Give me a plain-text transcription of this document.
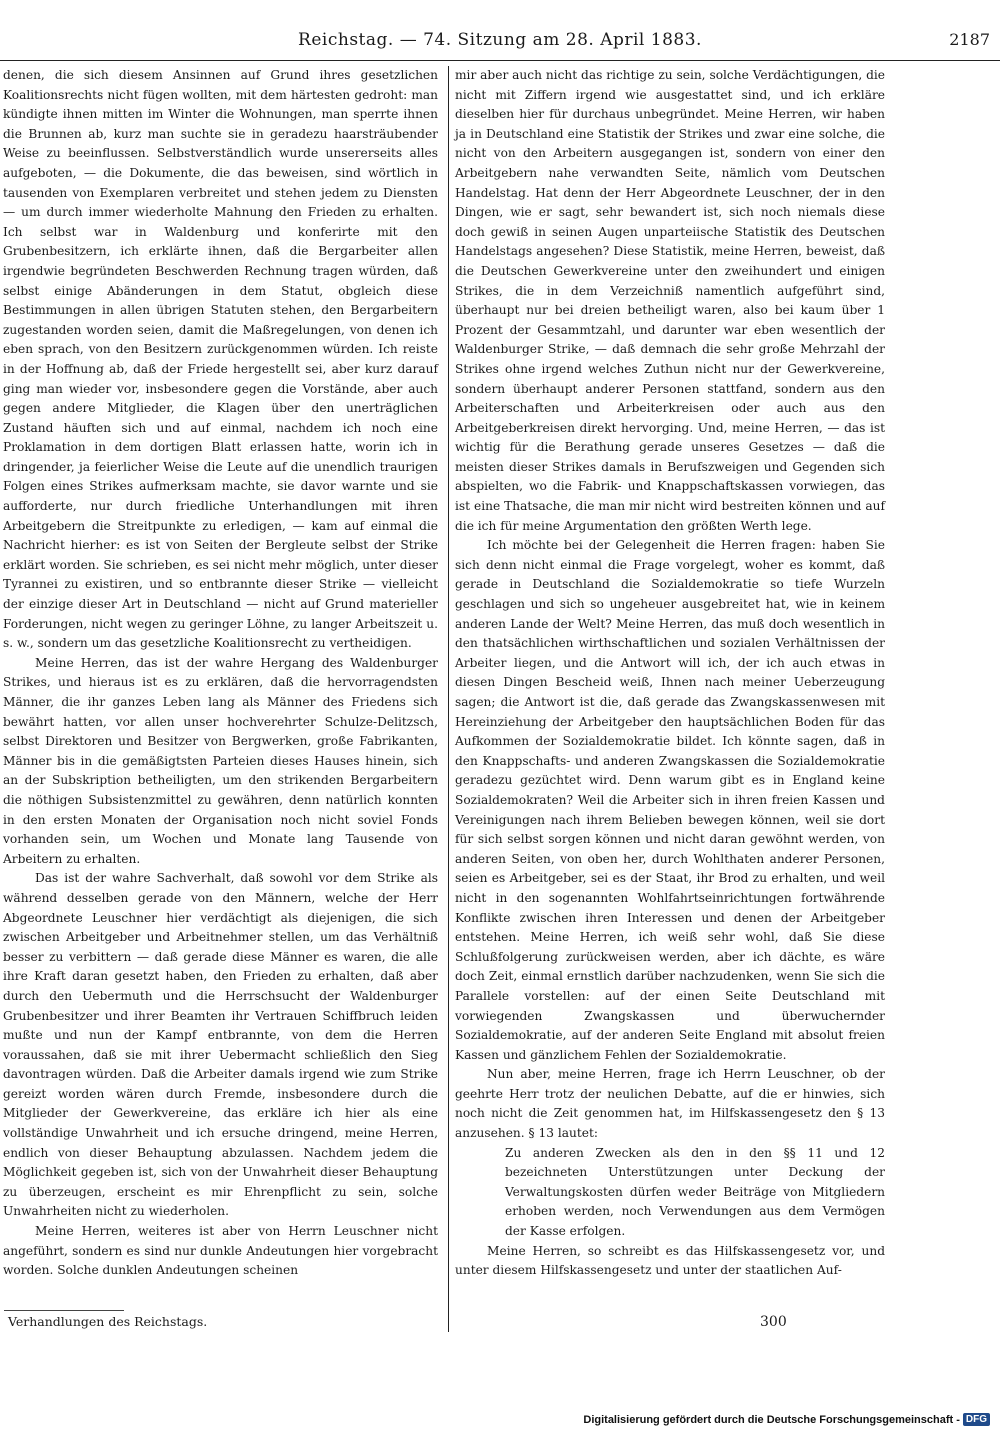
Reichstag. — 74. Sitzung am 28. April 1883.	2187

denen, die sich diesem Ansinnen auf Grund ihres gesetzlichen Koalitionsrechts nicht fügen wollten, mit dem härtesten gedroht: man kündigte ihnen mitten im Winter die Wohnungen, man sperrte ihnen die Brunnen ab, kurz man suchte sie in geradezu haarsträubender Weise zu beeinflussen. Selbstverständlich wurde unsererseits alles aufgeboten, — die Dokumente, die das beweisen, sind wörtlich in tausenden von Exemplaren verbreitet und stehen jedem zu Diensten — um durch immer wiederholte Mahnung den Frieden zu erhalten. Ich selbst war in Waldenburg und konferirte mit den Grubenbesitzern, ich erklärte ihnen, daß die Bergarbeiter allen irgendwie begründeten Beschwerden Rechnung tragen würden, daß selbst einige Abänderungen in dem Statut, obgleich diese Bestimmungen in allen übrigen Statuten stehen, den Bergarbeitern zugestanden worden seien, damit die Maßregelungen, von denen ich eben sprach, von den Besitzern zurückgenommen würden. Ich reiste in der Hoffnung ab, daß der Friede hergestellt sei, aber kurz darauf ging man wieder vor, insbesondere gegen die Vorstände, aber auch gegen andere Mitglieder, die Klagen über den unerträglichen Zustand häuften sich und auf einmal, nachdem ich noch eine Proklamation in dem dortigen Blatt erlassen hatte, worin ich in dringender, ja feierlicher Weise die Leute auf die unendlich traurigen Folgen eines Strikes aufmerksam machte, sie davor warnte und sie aufforderte, nur durch friedliche Unterhandlungen mit ihren Arbeitgebern die Streitpunkte zu erledigen, — kam auf einmal die Nachricht hierher: es ist von Seiten der Bergleute selbst der Strike erklärt worden. Sie schrieben, es sei nicht mehr möglich, unter dieser Tyrannei zu existiren, und so entbrannte dieser Strike — vielleicht der einzige dieser Art in Deutschland — nicht auf Grund materieller Forderungen, nicht wegen zu geringer Löhne, zu langer Arbeitszeit u. s. w., sondern um das gesetzliche Koalitionsrecht zu vertheidigen.

Meine Herren, das ist der wahre Hergang des Waldenburger Strikes, und hieraus ist es zu erklären, daß die hervorragendsten Männer, die ihr ganzes Leben lang als Männer des Friedens sich bewährt hatten, vor allen unser hochverehrter Schulze-Delitzsch, selbst Direktoren und Besitzer von Bergwerken, große Fabrikanten, Männer bis in die gemäßigtsten Parteien dieses Hauses hinein, sich an der Subskription betheiligten, um den strikenden Bergarbeitern die nöthigen Subsistenzmittel zu gewähren, denn natürlich konnten in den ersten Monaten der Organisation noch nicht soviel Fonds vorhanden sein, um Wochen und Monate lang Tausende von Arbeitern zu erhalten.

Das ist der wahre Sachverhalt, daß sowohl vor dem Strike als während desselben gerade von den Männern, welche der Herr Abgeordnete Leuschner hier verdächtigt als diejenigen, die sich zwischen Arbeitgeber und Arbeitnehmer stellen, um das Verhältniß besser zu verbittern — daß gerade diese Männer es waren, die alle ihre Kraft daran gesetzt haben, den Frieden zu erhalten, daß aber durch den Uebermuth und die Herrschsucht der Waldenburger Grubenbesitzer und ihrer Beamten ihr Vertrauen Schiffbruch leiden mußte und nun der Kampf entbrannte, von dem die Herren voraussahen, daß sie mit ihrer Uebermacht schließlich den Sieg davontragen würden. Daß die Arbeiter damals irgend wie zum Strike gereizt worden wären durch Fremde, insbesondere durch die Mitglieder der Gewerkvereine, das erkläre ich hier als eine vollständige Unwahrheit und ich ersuche dringend, meine Herren, endlich von dieser Behauptung abzulassen. Nachdem jedem die Möglichkeit gegeben ist, sich von der Unwahrheit dieser Behauptung zu überzeugen, erscheint es mir Ehrenpflicht zu sein, solche Unwahrheiten nicht zu wiederholen.

Meine Herren, weiteres ist aber von Herrn Leuschner nicht angeführt, sondern es sind nur dunkle Andeutungen hier vorgebracht worden. Solche dunklen Andeutungen scheinen

mir aber auch nicht das richtige zu sein, solche Verdächtigungen, die nicht mit Ziffern irgend wie ausgestattet sind, und ich erkläre dieselben hier für durchaus unbegründet. Meine Herren, wir haben ja in Deutschland eine Statistik der Strikes und zwar eine solche, die nicht von den Arbeitern ausgegangen ist, sondern von einer den Arbeitgebern nahe verwandten Seite, nämlich vom Deutschen Handelstag. Hat denn der Herr Abgeordnete Leuschner, der in den Dingen, wie er sagt, sehr bewandert ist, sich noch niemals diese doch gewiß in seinen Augen unparteiische Statistik des Deutschen Handelstags angesehen? Diese Statistik, meine Herren, beweist, daß die Deutschen Gewerkvereine unter den zweihundert und einigen Strikes, die in dem Verzeichniß namentlich aufgeführt sind, überhaupt nur bei dreien betheiligt waren, also bei kaum über 1 Prozent der Gesammtzahl, und darunter war eben wesentlich der Waldenburger Strike, — daß demnach die sehr große Mehrzahl der Strikes ohne irgend welches Zuthun nicht nur der Gewerkvereine, sondern überhaupt anderer Personen stattfand, sondern aus den Arbeiterschaften und Arbeiterkreisen oder auch aus den Arbeitgeberkreisen direkt hervorging. Und, meine Herren, — das ist wichtig für die Berathung gerade unseres Gesetzes — daß die meisten dieser Strikes damals in Berufszweigen und Gegenden sich abspielten, wo die Fabrik- und Knappschaftskassen vorwiegen, das ist eine Thatsache, die man mir nicht wird bestreiten können und auf die ich für meine Argumentation den größten Werth lege.

Ich möchte bei der Gelegenheit die Herren fragen: haben Sie sich denn nicht einmal die Frage vorgelegt, woher es kommt, daß gerade in Deutschland die Sozialdemokratie so tiefe Wurzeln geschlagen und sich so ungeheuer ausgebreitet hat, wie in keinem anderen Lande der Welt? Meine Herren, das muß doch wesentlich in den thatsächlichen wirthschaftlichen und sozialen Verhältnissen der Arbeiter liegen, und die Antwort will ich, der ich auch etwas in diesen Dingen Bescheid weiß, Ihnen nach meiner Ueberzeugung sagen; die Antwort ist die, daß gerade das Zwangskassenwesen mit Hereinziehung der Arbeitgeber den hauptsächlichen Boden für das Aufkommen der Sozialdemokratie bildet. Ich könnte sagen, daß in den Knappschafts- und anderen Zwangskassen die Sozialdemokratie geradezu gezüchtet wird. Denn warum gibt es in England keine Sozialdemokraten? Weil die Arbeiter sich in ihren freien Kassen und Vereinigungen nach ihrem Belieben bewegen können, weil sie dort für sich selbst sorgen können und nicht daran gewöhnt werden, von anderen Seiten, von oben her, durch Wohlthaten anderer Personen, seien es Arbeitgeber, sei es der Staat, ihr Brod zu erhalten, und weil nicht in den sogenannten Wohlfahrtseinrichtungen fortwährende Konflikte zwischen ihren Interessen und denen der Arbeitgeber entstehen. Meine Herren, ich weiß sehr wohl, daß Sie diese Schlußfolgerung zurückweisen werden, aber ich dächte, es wäre doch Zeit, einmal ernstlich darüber nachzudenken, wenn Sie sich die Parallele vorstellen: auf der einen Seite Deutschland mit vorwiegenden Zwangskassen und überwuchernder Sozialdemokratie, auf der anderen Seite England mit absolut freien Kassen und gänzlichem Fehlen der Sozialdemokratie.

Nun aber, meine Herren, frage ich Herrn Leuschner, ob der geehrte Herr trotz der neulichen Debatte, auf die er hinwies, sich noch nicht die Zeit genommen hat, im Hilfskassengesetz den § 13 anzusehen. § 13 lautet:

Zu anderen Zwecken als den in den §§ 11 und 12 bezeichneten Unterstützungen unter Deckung der Verwaltungskosten dürfen weder Beiträge von Mitgliedern erhoben werden, noch Verwendungen aus dem Vermögen der Kasse erfolgen.

Meine Herren, so schreibt es das Hilfskassengesetz vor, und unter diesem Hilfskassengesetz und unter der staatlichen Auf-

Verhandlungen des Reichstags.	300
Digitalisierung gefördert durch die Deutsche Forschungsgemeinschaft - DFG
